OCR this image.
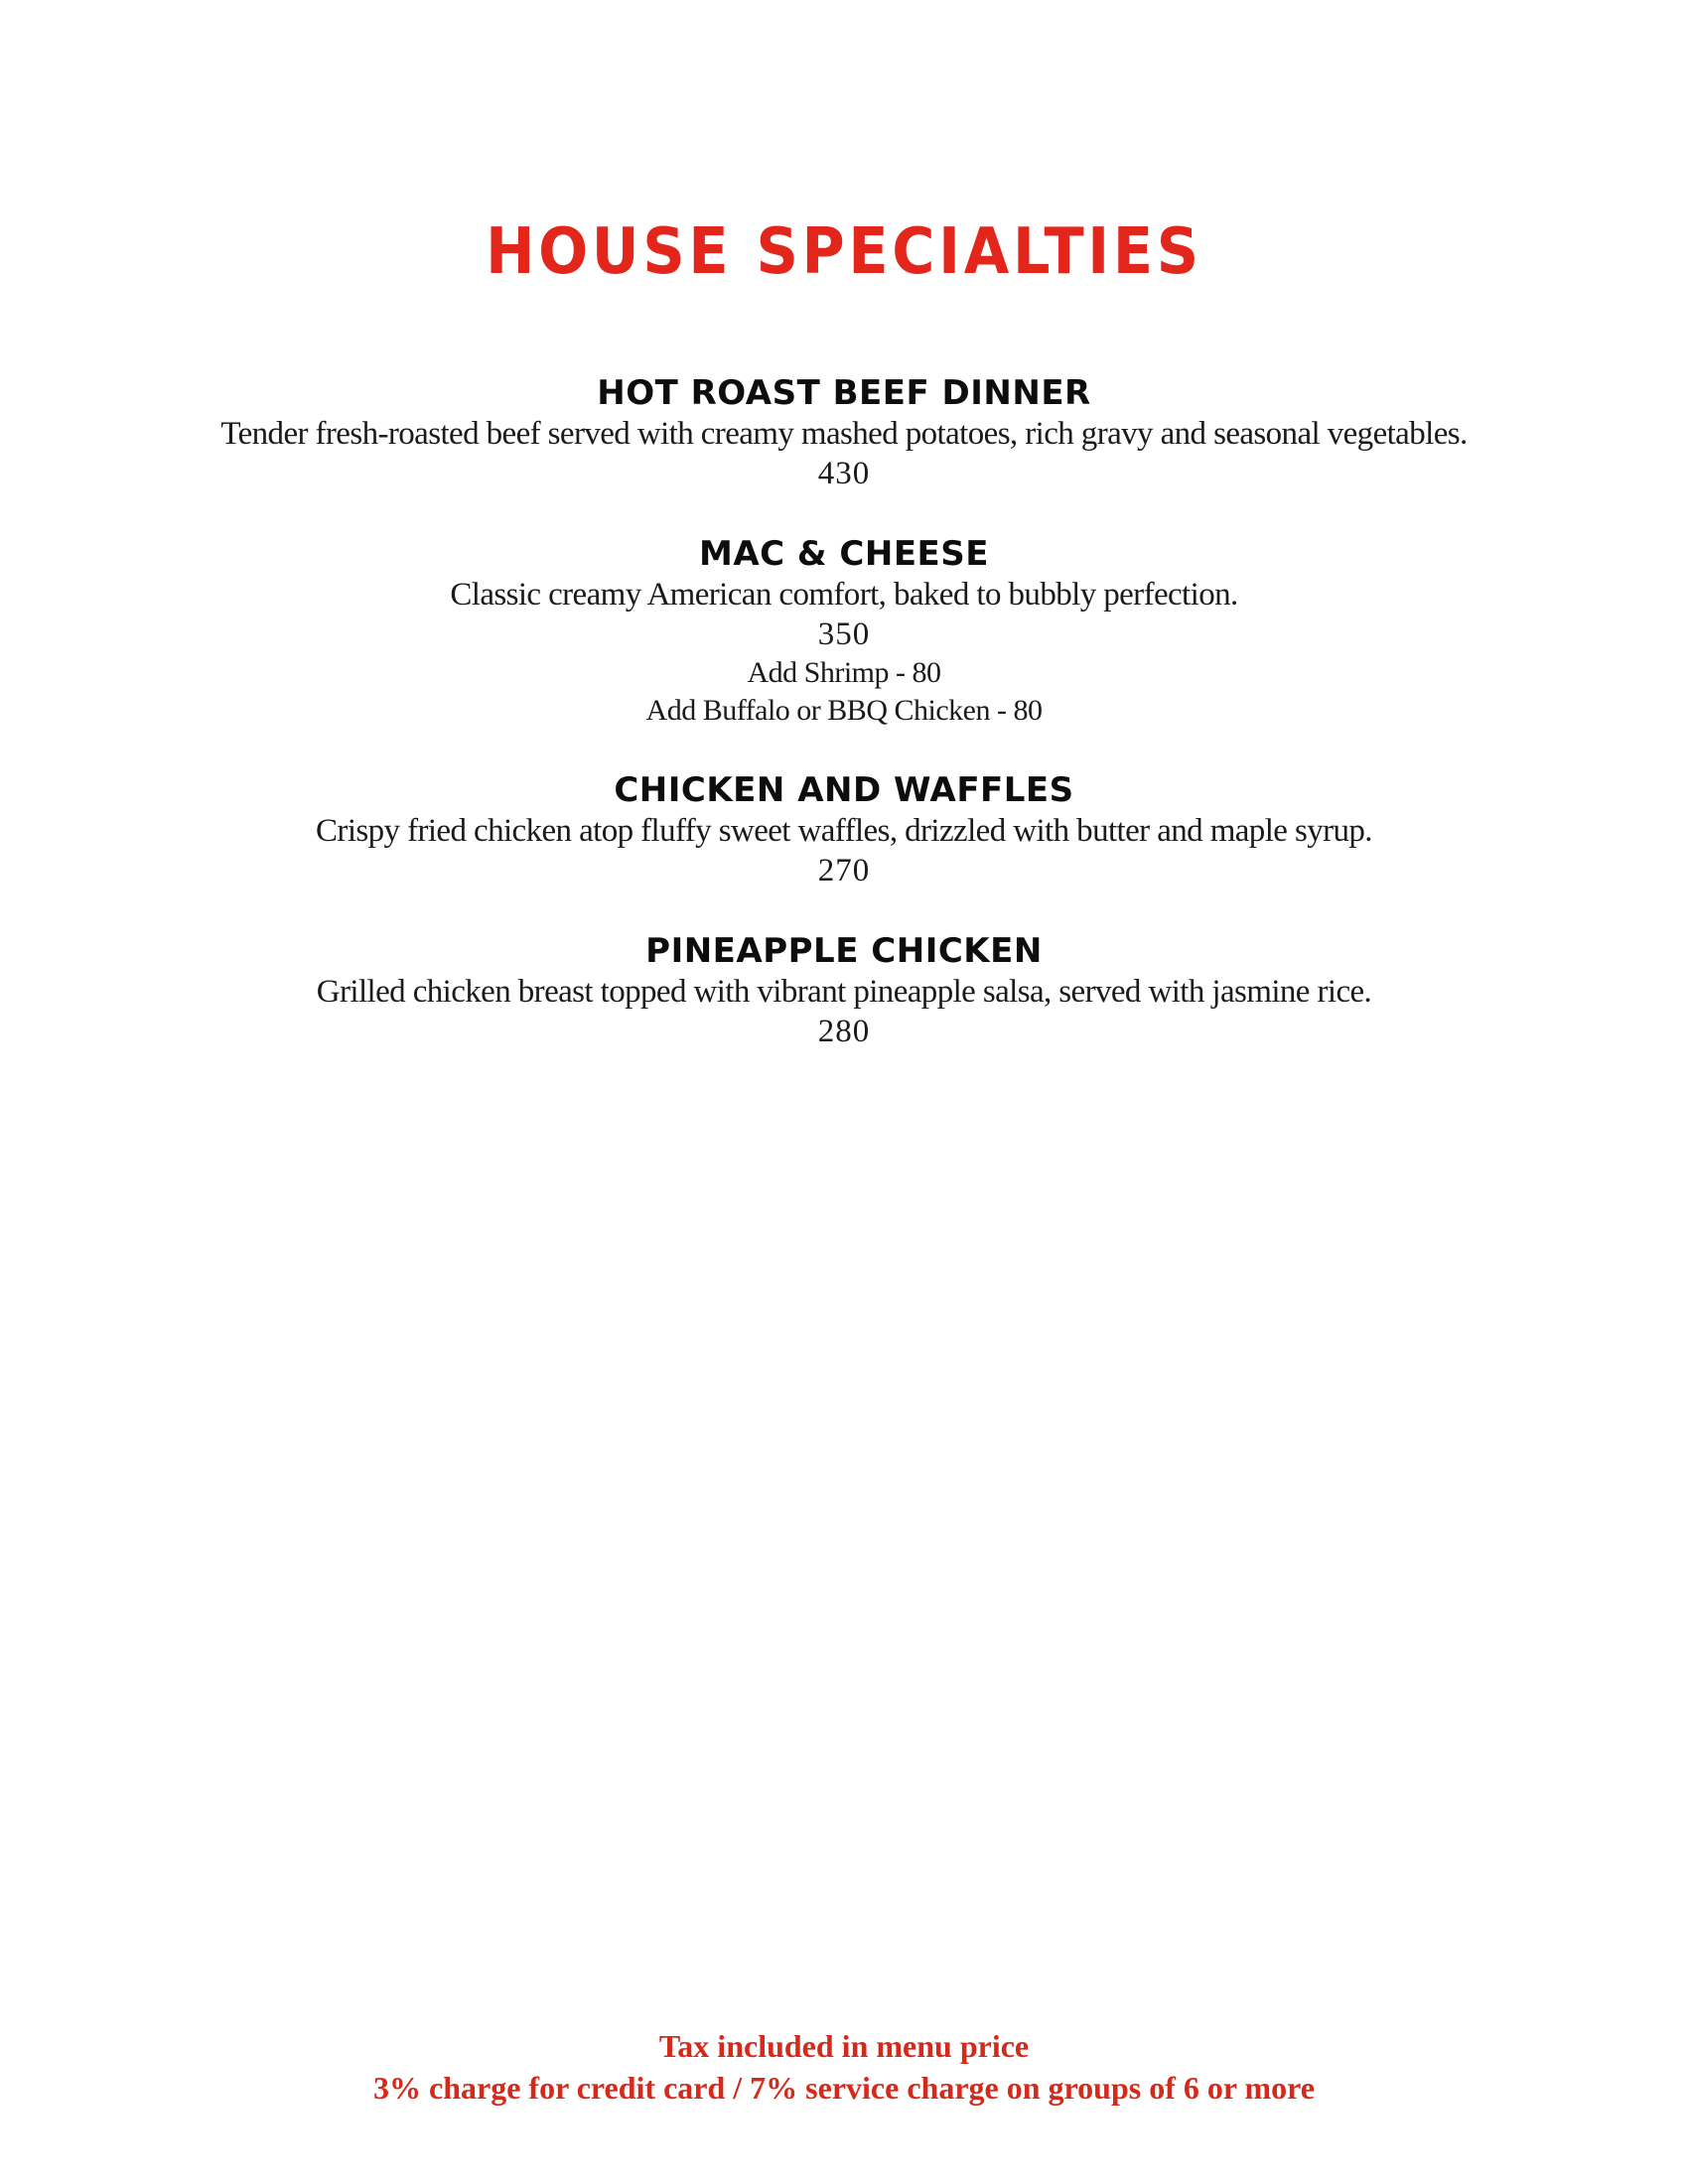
HOUSE SPECIALTIES
HOT ROAST BEEF DINNER
Tender fresh-roasted beef served with creamy mashed potatoes, rich gravy and seasonal vegetables.
430
MAC & CHEESE
Classic creamy American comfort, baked to bubbly perfection.
350
Add Shrimp - 80
Add Buffalo or BBQ Chicken - 80
CHICKEN AND WAFFLES
Crispy fried chicken atop fluffy sweet waffles, drizzled with butter and maple syrup.
270
PINEAPPLE CHICKEN
Grilled chicken breast topped with vibrant pineapple salsa, served with jasmine rice.
280
Tax included in menu price
3% charge for credit card / 7% service charge on groups of 6 or more
